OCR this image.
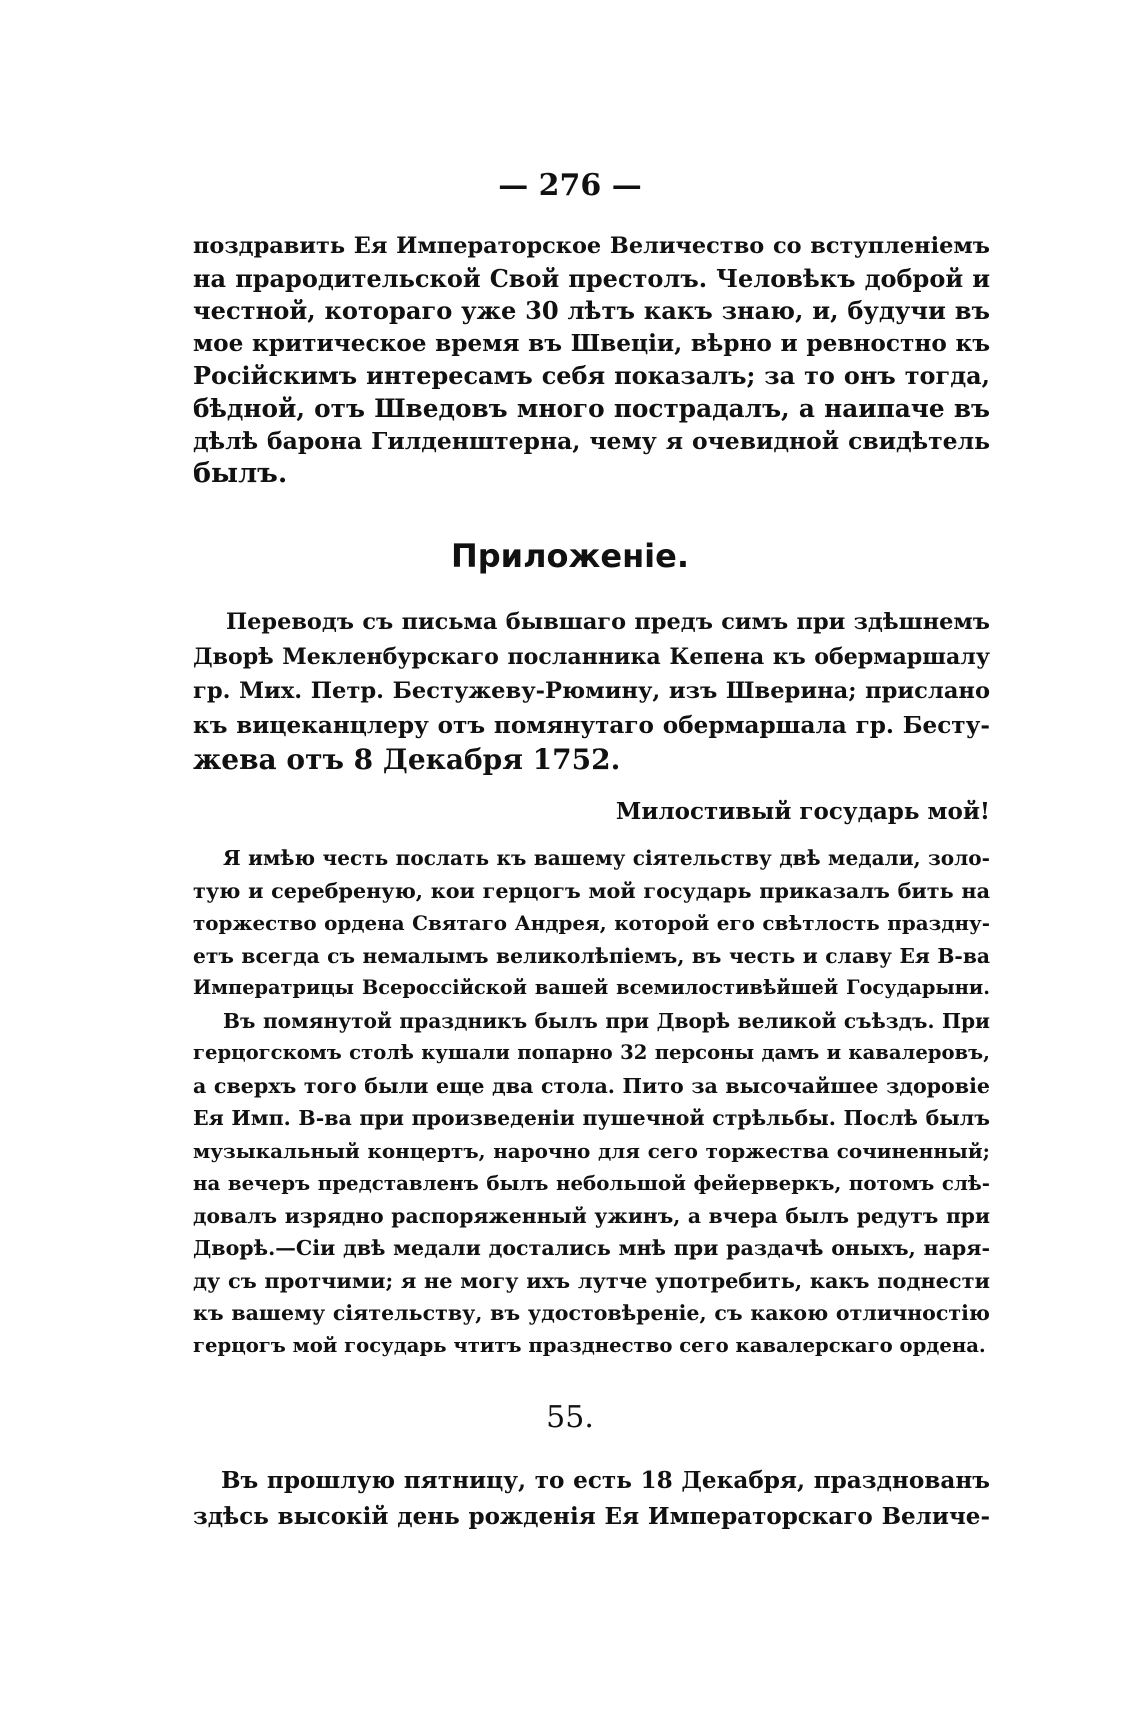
— 276 —
поздравить Ея Императорское Величество со вступленіемъ
на прародительской Свой престолъ. Человѣкъ доброй и
честной, котораго уже 30 лѣтъ какъ знаю, и, будучи въ
мое критическое время въ Швеціи, вѣрно и ревностно къ
Російскимъ интересамъ себя показалъ; за то онъ тогда,
бѣдной, отъ Шведовъ много пострадалъ, а наипаче въ
дѣлѣ барона Гилденштерна, чему я очевидной свидѣтель
былъ.
Приложеніе.
Переводъ съ письма бывшаго предъ симъ при здѣшнемъ
Дворѣ Мекленбурскаго посланника Кепена къ обермаршалу
гр. Мих. Петр. Бестужеву-Рюмину, изъ Шверина; прислано
къ вицеканцлеру отъ помянутаго обермаршала гр. Бесту-
жева отъ 8 Декабря 1752.
Милостивый государь мой!
Я имѣю честь послать къ вашему сіятельству двѣ медали, золо-
тую и серебреную, кои герцогъ мой государь приказалъ бить на
торжество ордена Святаго Андрея, которой его свѣтлость праздну-
етъ всегда съ немалымъ великолѣпіемъ, въ честь и славу Ея В-ва
Императрицы Всероссійской вашей всемилостивѣйшей Государыни.
Въ помянутой праздникъ былъ при Дворѣ великой съѣздъ. При
герцогскомъ столѣ кушали попарно 32 персоны дамъ и кавалеровъ,
а сверхъ того были еще два стола. Пито за высочайшее здоровіе
Ея Имп. В-ва при произведеніи пушечной стрѣльбы. Послѣ былъ
музыкальный концертъ, нарочно для сего торжества сочиненный;
на вечеръ представленъ былъ небольшой фейерверкъ, потомъ слѣ-
довалъ изрядно распоряженный ужинъ, а вчера былъ редутъ при
Дворѣ.—Сіи двѣ медали достались мнѣ при раздачѣ оныхъ, наря-
ду съ протчими; я не могу ихъ лутче употребить, какъ поднести
къ вашему сіятельству, въ удостовѣреніе, съ какою отличностію
герцогъ мой государь чтитъ празднество сего кавалерскаго ордена.
55.
Въ прошлую пятницу, то есть 18 Декабря, празднованъ
здѣсь высокій день рожденія Ея Императорскаго Величе-
